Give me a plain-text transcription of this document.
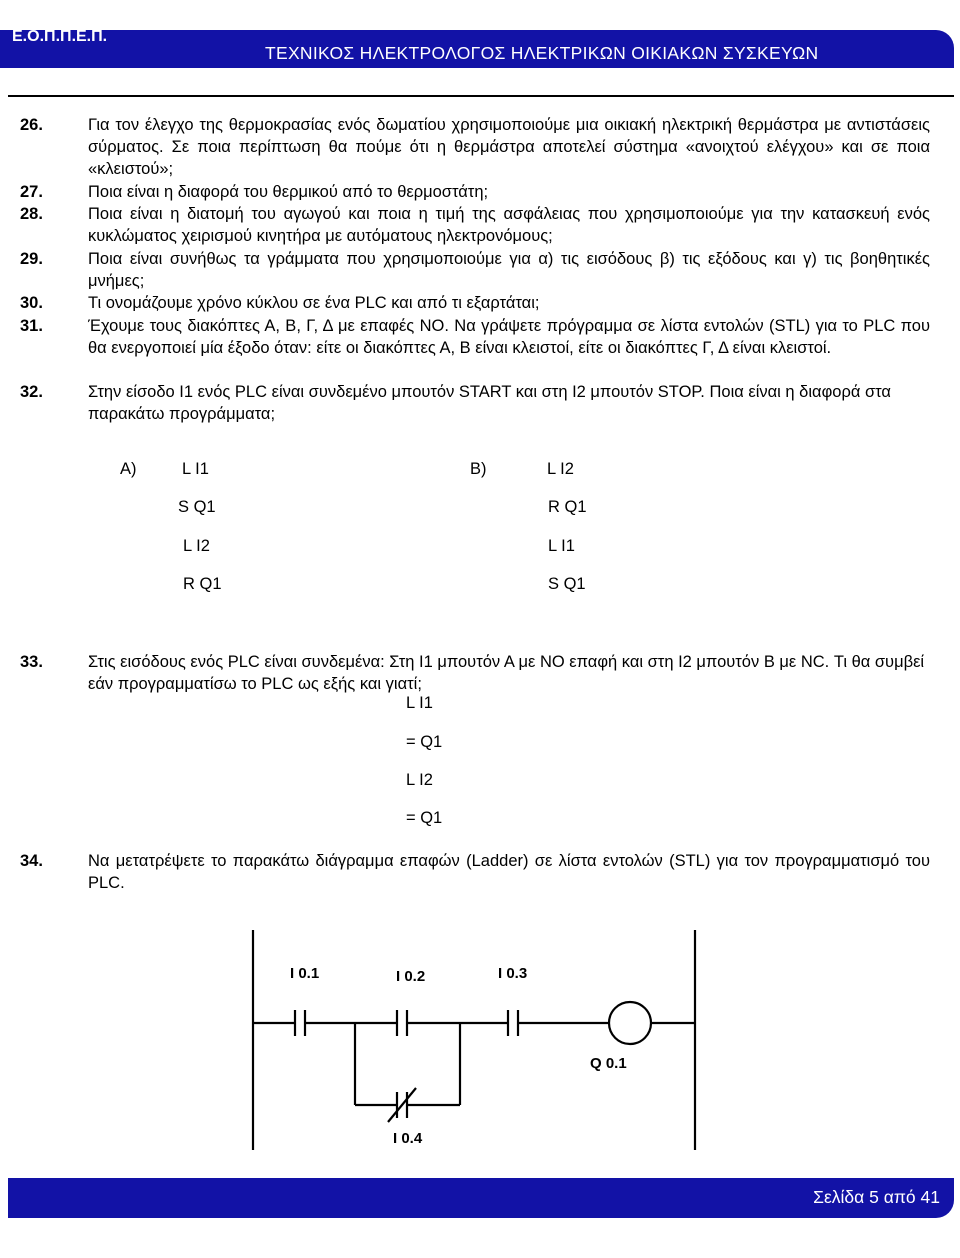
Ε.Ο.Π.Π.Ε.Π.
ΤΕΧΝΙΚΟΣ ΗΛΕΚΤΡΟΛΟΓΟΣ ΗΛΕΚΤΡΙΚΩΝ ΟΙΚΙΑΚΩΝ ΣΥΣΚΕΥΩΝ
26.	Για τον έλεγχο της θερμοκρασίας ενός δωματίου χρησιμοποιούμε μια οικιακή ηλεκτρική θερμάστρα με αντιστάσεις σύρματος. Σε ποια περίπτωση θα πούμε ότι η θερμάστρα αποτελεί σύστημα «ανοιχτού ελέγχου» και σε ποια «κλειστού»;
27.	Ποια είναι η διαφορά του θερμικού από το θερμοστάτη;
28.	Ποια είναι η διατομή του αγωγού και ποια η τιμή της ασφάλειας που χρησιμοποιούμε για την κατασκευή ενός κυκλώματος χειρισμού κινητήρα με αυτόματους ηλεκτρονόμους;
29.	Ποια είναι συνήθως τα γράμματα που χρησιμοποιούμε για α) τις εισόδους β) τις εξόδους και γ) τις βοηθητικές μνήμες;
30.	Τι ονομάζουμε χρόνο κύκλου σε ένα PLC και από τι εξαρτάται;
31.	Έχουμε τους διακόπτες Α, Β, Γ, Δ με επαφές ΝΟ. Να γράψετε πρόγραμμα σε λίστα εντολών (STL) για το PLC που θα ενεργοποιεί μία έξοδο όταν: είτε οι διακόπτες Α, Β είναι κλειστοί, είτε οι διακόπτες Γ, Δ είναι κλειστοί.
32.	Στην είσοδο Ι1 ενός PLC είναι συνδεμένο μπουτόν START και στη Ι2 μπουτόν STOP. Ποια είναι η διαφορά στα παρακάτω προγράμματα;
A)	L I1
S Q1
L I2
R Q1
B)	L I2
R Q1
L I1
S Q1
33.	Στις εισόδους ενός PLC είναι συνδεμένα: Στη Ι1 μπουτόν Α με ΝΟ επαφή και στη Ι2 μπουτόν Β με ΝC. Τι θα συμβεί εάν προγραμματίσω το PLC ως εξής και γιατί;
L I1
= Q1
L I2
= Q1
34.	Να μετατρέψετε το παρακάτω διάγραμμα επαφών (Ladder) σε λίστα εντολών (STL) για τον προγραμματισμό του PLC.
I 0.1	I 0.2	I 0.3
Q 0.1
I 0.4
Σελίδα 5 από 41
